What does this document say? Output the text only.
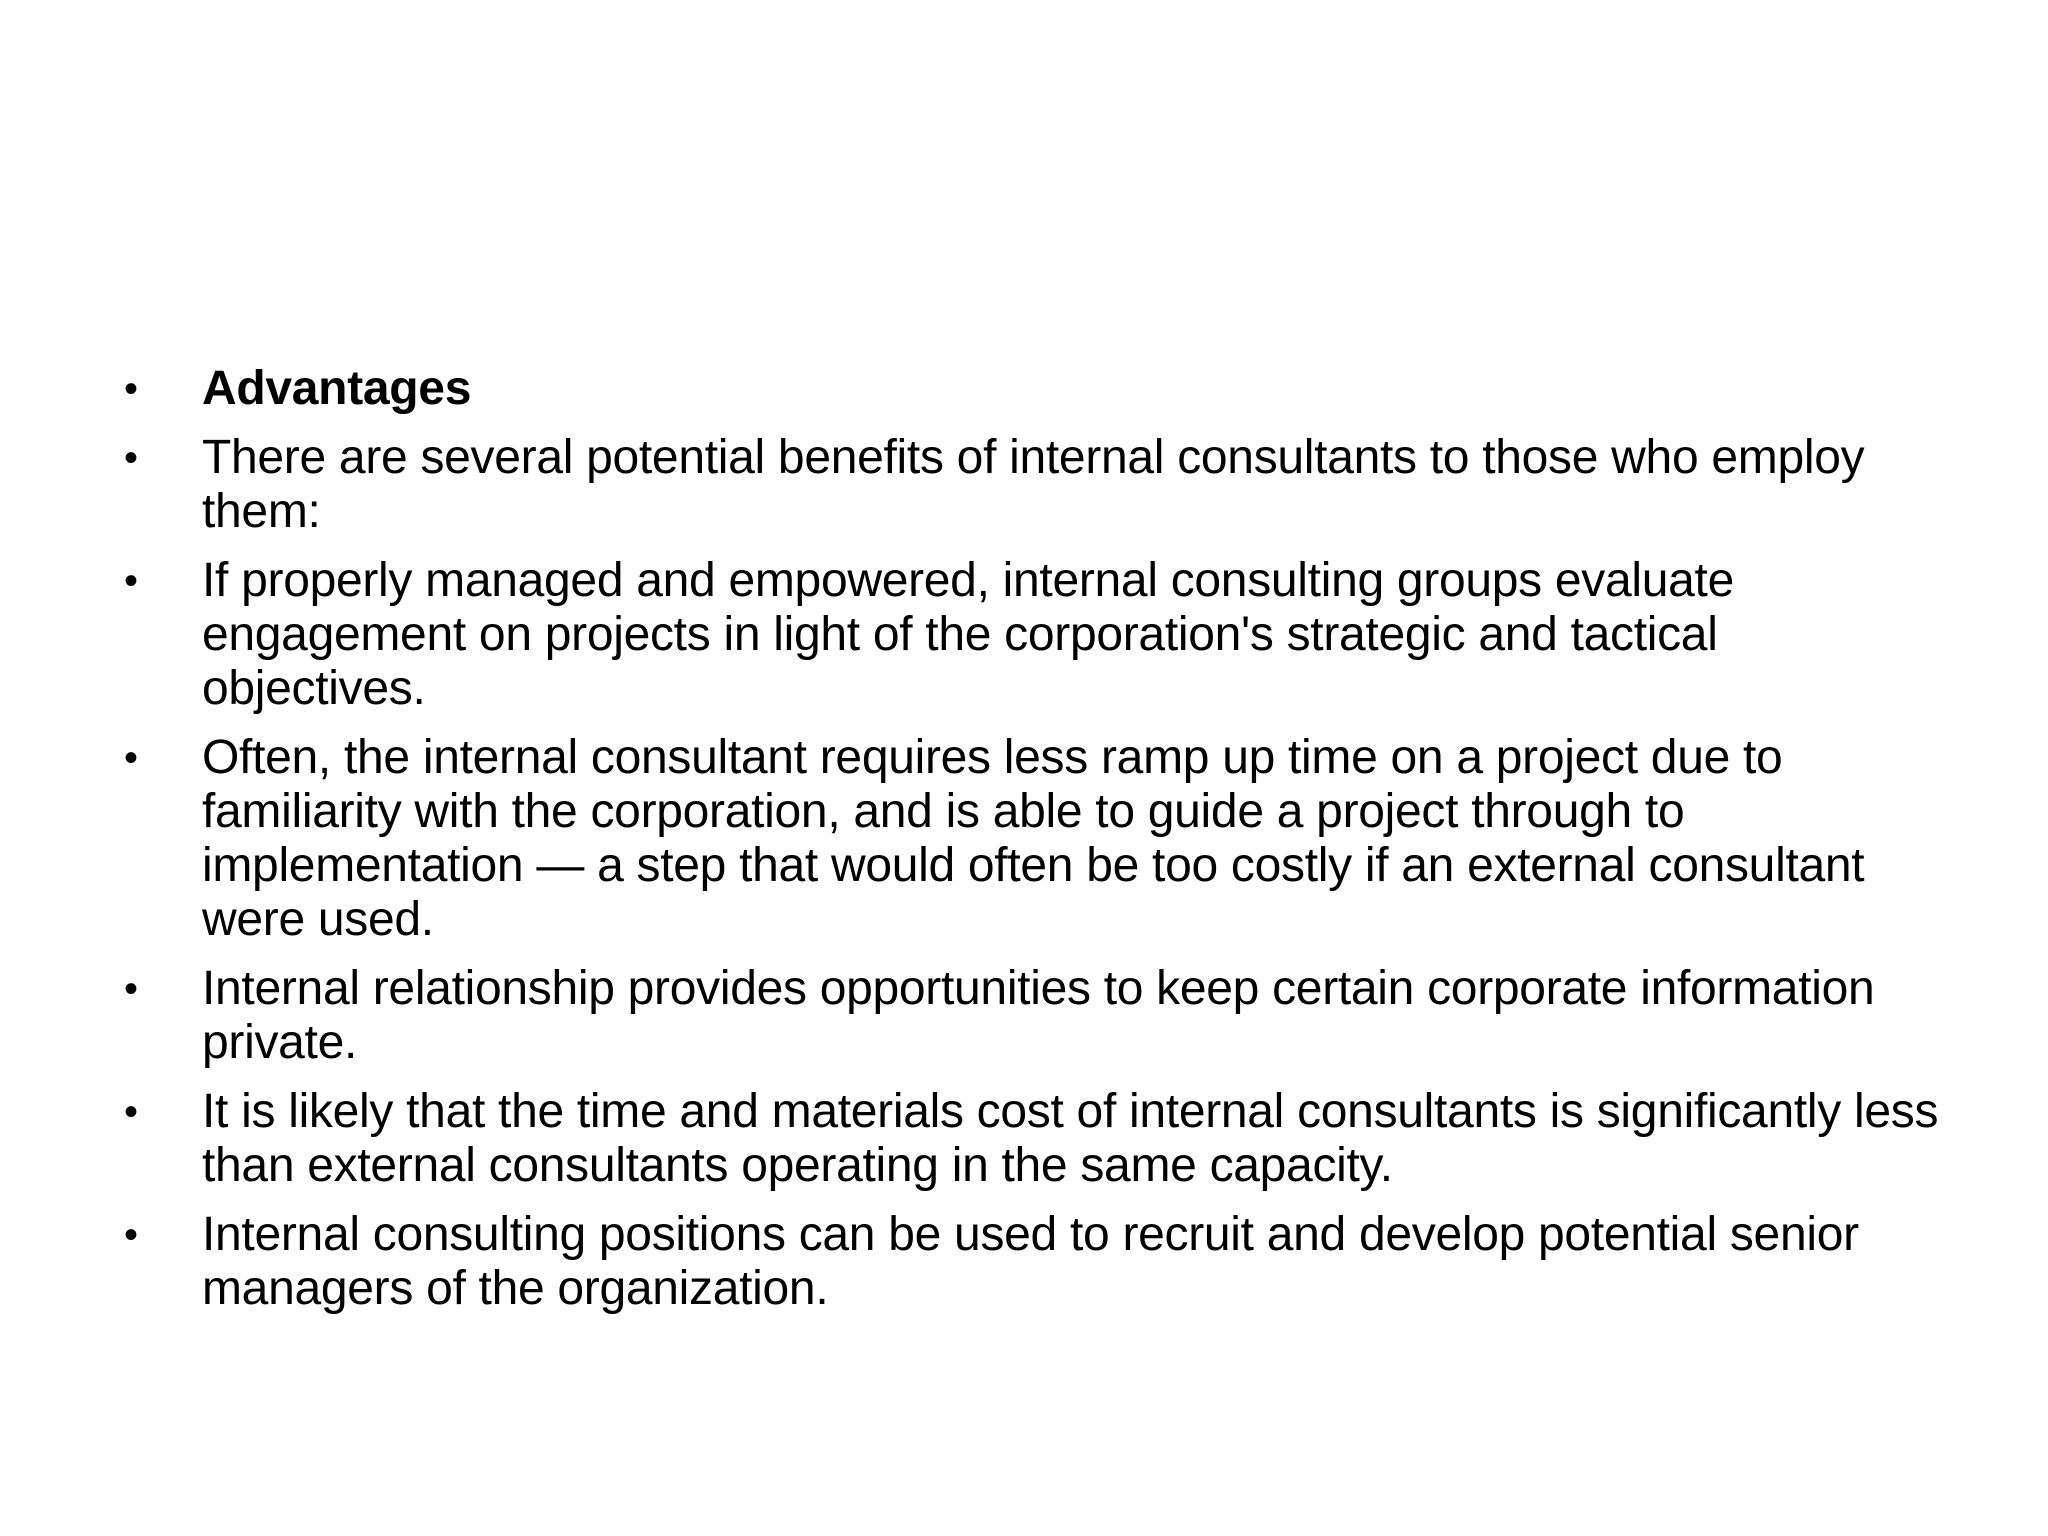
•	Advantages
•	There are several potential benefits of internal consultants to those who employ them:
•	If properly managed and empowered, internal consulting groups evaluate engagement on projects in light of the corporation's strategic and tactical objectives.
•	Often, the internal consultant requires less ramp up time on a project due to familiarity with the corporation, and is able to guide a project through to implementation — a step that would often be too costly if an external consultant were used.
•	Internal relationship provides opportunities to keep certain corporate information private.
•	It is likely that the time and materials cost of internal consultants is significantly less than external consultants operating in the same capacity.
•	Internal consulting positions can be used to recruit and develop potential senior managers of the organization.
